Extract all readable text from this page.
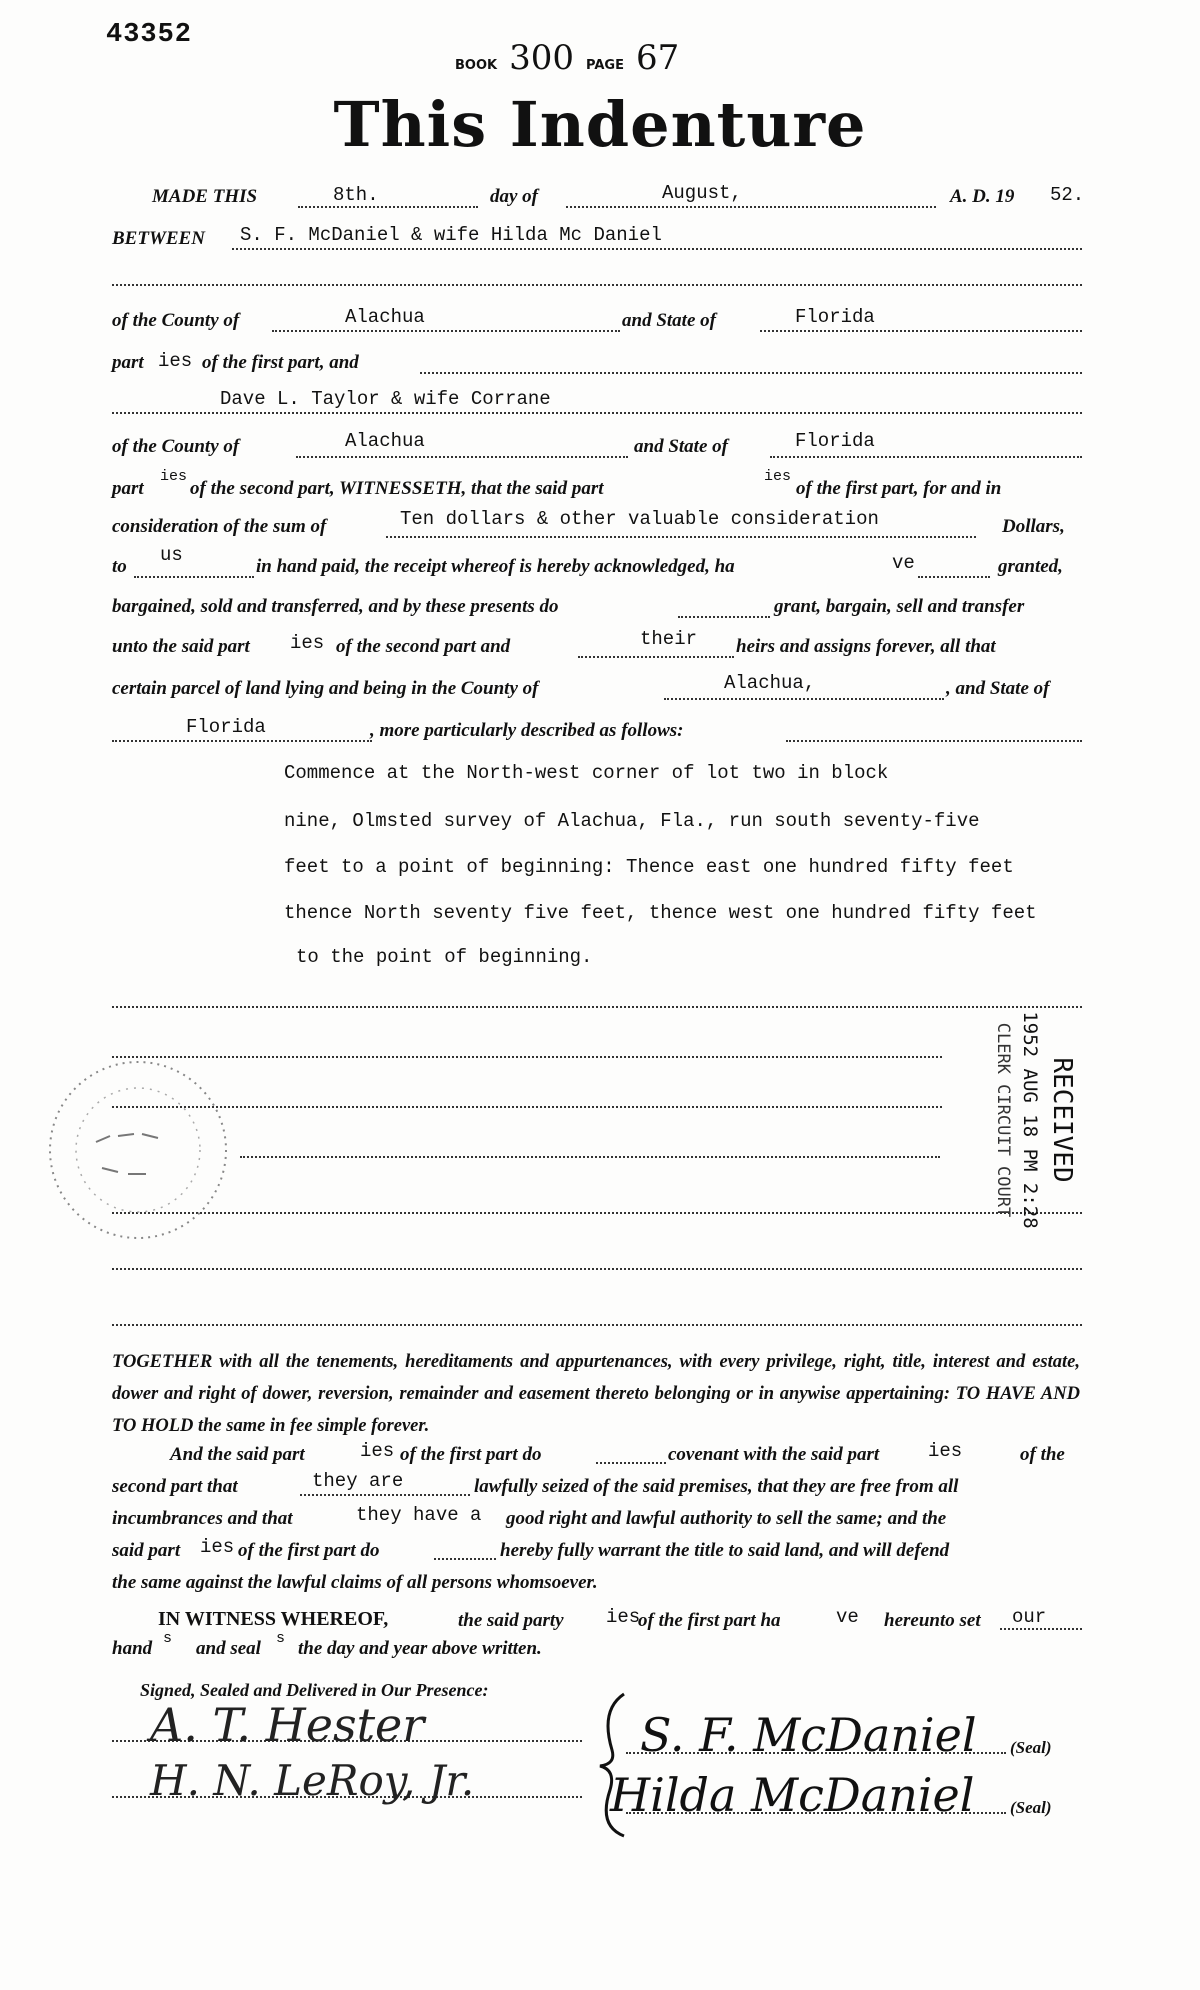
43352
BOOK 300 PAGE 67
This Indenture
MADE THIS	8th.	day of	August,	A. D. 19 52.
BETWEEN S. F. McDaniel & wife Hilda Mc Daniel
of the County of	Alachua	and State of	Florida
part ies of the first part, and
Dave L. Taylor & wife Corrane
of the County of	Alachua	and State of	Florida
part
ies
of the second part, WITNESSETH, that the said part
ies
of the first part, for and in
consideration of the sum of	Ten dollars & other valuable consideration	Dollars,
to
us
in hand paid, the receipt whereof is hereby acknowledged, ha	ve	granted,
bargained, sold and transferred, and by these presents do	grant, bargain, sell and transfer
unto the said part ies of the second part and	their heirs and assigns forever, all that
certain parcel of land lying and being in the County of	Alachua,	, and State of
Florida	, more particularly described as follows:
Commence at the North-west corner of lot two in block
nine, Olmsted survey of Alachua, Fla., run south seventy-five
feet to a point of beginning: Thence east one hundred fifty feet
thence North seventy five feet, thence west one hundred fifty feet
to the point of beginning.
RECEIVED
1952 AUG 18 PM 2:28
CLERK CIRCUIT COURT
TOGETHER with all the tenements, hereditaments and appurtenances, with every privilege, right, title, interest and estate, dower and right of dower, reversion, remainder and easement thereto belonging or in anywise appertaining: TO HAVE AND TO HOLD the same in fee simple forever.
And the said part	ies of the first part do	covenant with the said part	ies	of the
second part that	they are	lawfully seized of the said premises, that they are free from all
incumbrances and that	they have a good right and lawful authority to sell the same; and the
said part ies of the first part do	hereby fully warrant the title to said land, and will defend
the same against the lawful claims of all persons whomsoever.
IN WITNESS WHEREOF,	the said party ies
of the first part ha	ve hereunto set our
hand s and seal s the day and year above written.
Signed, Sealed and Delivered in Our Presence:
A. T. Hester
H. N. LeRoy, Jr.
S. F. McDaniel
Hilda McDaniel
(Seal)
(Seal)
